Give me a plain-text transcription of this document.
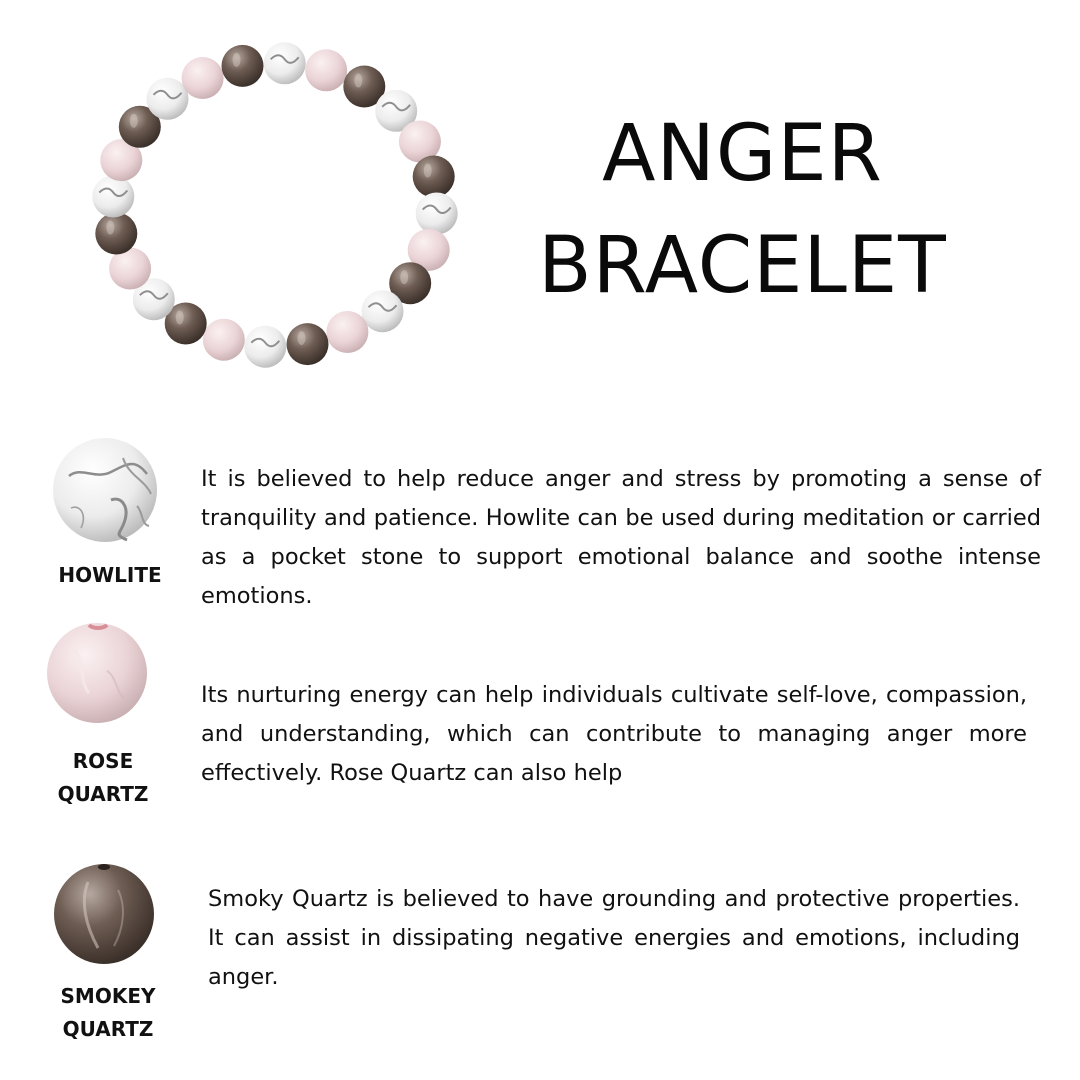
ANGER
BRACELET
HOWLITE

It is believed to help reduce anger and stress by promoting a sense of tranquility and patience. Howlite can be used during meditation or carried as a pocket stone to support emotional balance and soothe intense emotions.

ROSE
QUARTZ

Its nurturing energy can help individuals cultivate self-love, compassion, and understanding, which can contribute to managing anger more effectively. Rose Quartz can also help

SMOKEY
QUARTZ

Smoky Quartz is believed to have grounding and protective properties. It can assist in dissipating negative energies and emotions, including anger.
